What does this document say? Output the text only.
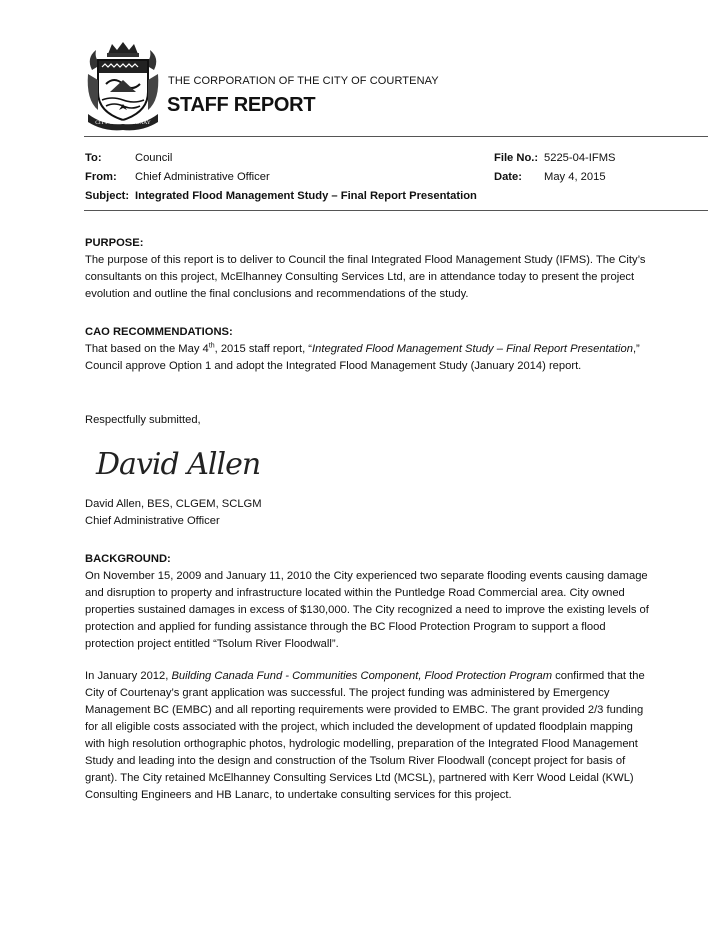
CITY OF COURTENAY
THE CORPORATION OF THE CITY OF COURTENAY
STAFF REPORT
To:	Council
From: Chief Administrative Officer
Subject: Integrated Flood Management Study – Final Report Presentation
File No.: 5225-04-IFMS
Date: May 4, 2015
PURPOSE:

The purpose of this report is to deliver to Council the final Integrated Flood Management Study (IFMS). The City’s consultants on this project, McElhanney Consulting Services Ltd, are in attendance today to present the project evolution and outline the final conclusions and recommendations of the study.

CAO RECOMMENDATIONS:

That based on the May 4th, 2015 staff report, “Integrated Flood Management Study – Final Report Presentation,” Council approve Option 1 and adopt the Integrated Flood Management Study (January 2014) report.

Respectfully submitted,
David Allen
David Allen, BES, CLGEM, SCLGM
Chief Administrative Officer
BACKGROUND:

On November 15, 2009 and January 11, 2010 the City experienced two separate flooding events causing damage and disruption to property and infrastructure located within the Puntledge Road Commercial area. City owned properties sustained damages in excess of $130,000. The City recognized a need to improve the existing levels of protection and applied for funding assistance through the BC Flood Protection Program to support a flood protection project entitled “Tsolum River Floodwall”.

In January 2012, Building Canada Fund - Communities Component, Flood Protection Program confirmed that the City of Courtenay’s grant application was successful. The project funding was administered by Emergency Management BC (EMBC) and all reporting requirements were provided to EMBC. The grant provided 2/3 funding for all eligible costs associated with the project, which included the development of updated floodplain mapping with high resolution orthographic photos, hydrologic modelling, preparation of the Integrated Flood Management Study and leading into the design and construction of the Tsolum River Floodwall (concept project for basis of grant). The City retained McElhanney Consulting Services Ltd (MCSL), partnered with Kerr Wood Leidal (KWL) Consulting Engineers and HB Lanarc, to undertake consulting services for this project.
